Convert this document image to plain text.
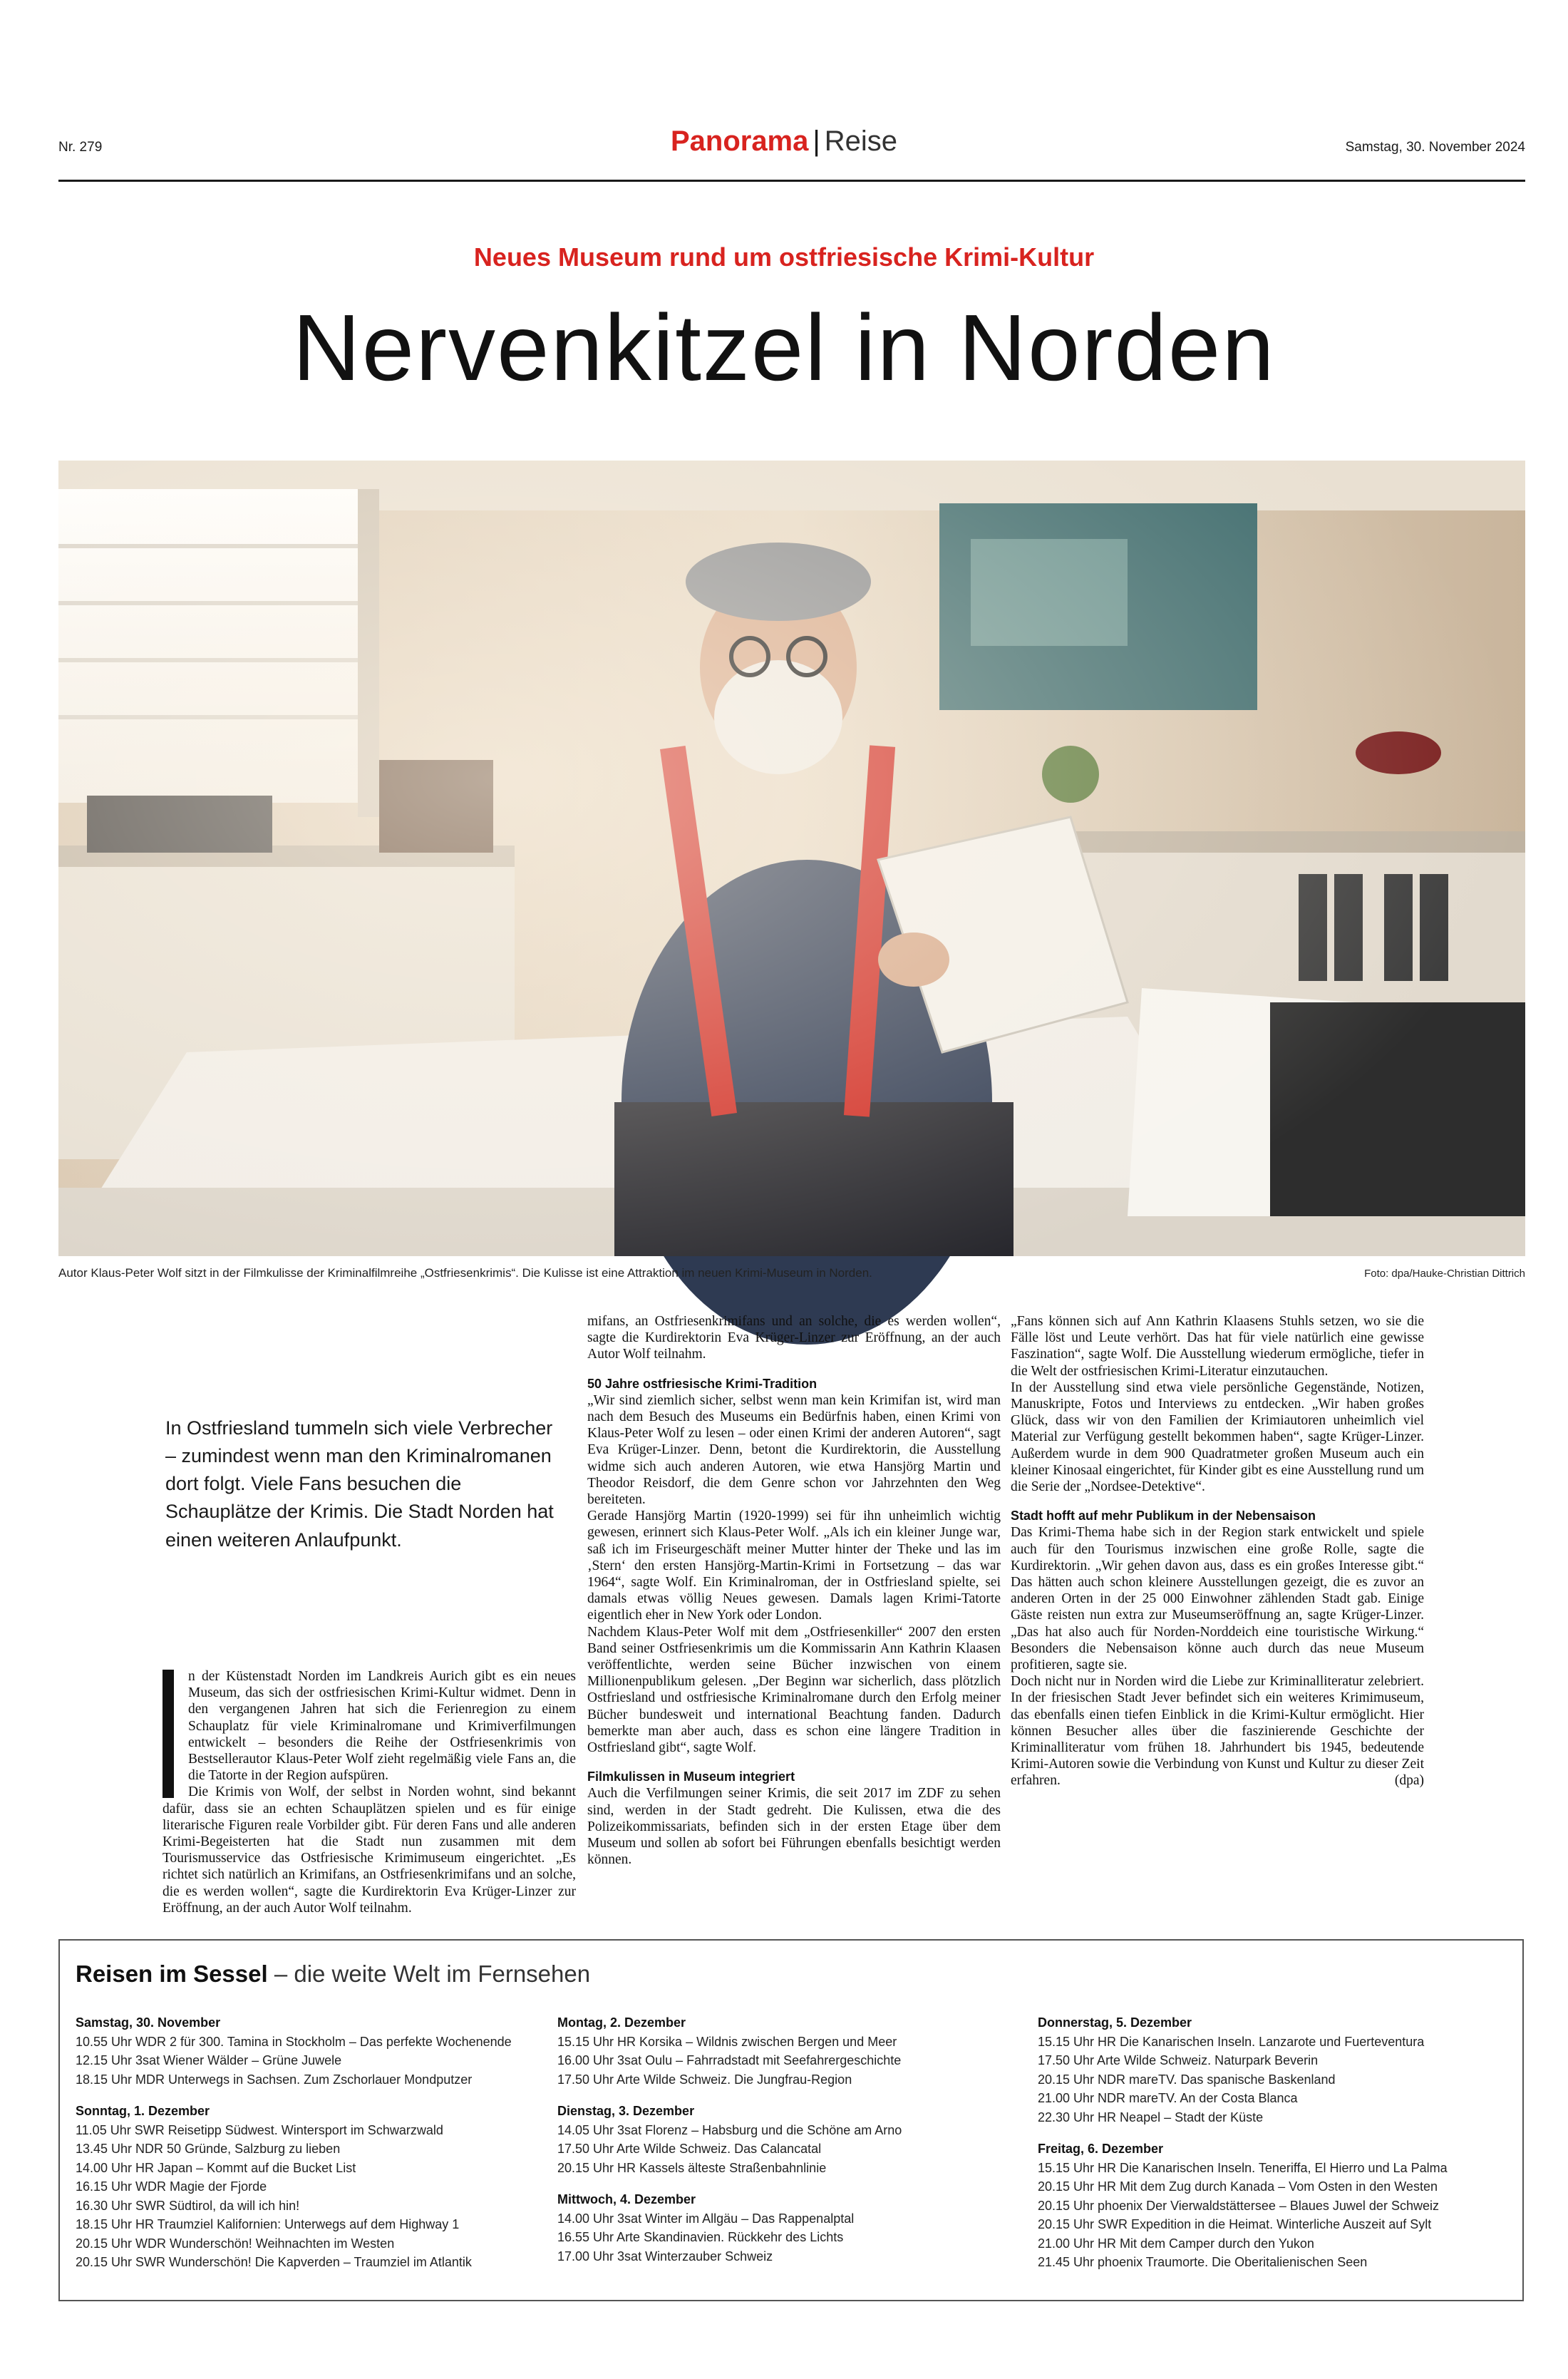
Nr. 279	Panorama | Reise	Samstag, 30. November 2024
Neues Museum rund um ostfriesische Krimi-Kultur
Nervenkitzel in Norden
Autor Klaus-Peter Wolf sitzt in der Filmkulisse der Kriminalfilmreihe „Ostfriesenkrimis“. Die Kulisse ist eine Attraktion im neuen Krimi-Museum in Norden.	Foto: dpa/Hauke-Christian Dittrich
In Ostfriesland tummeln sich viele Verbrecher – zumindest wenn man den Kriminalromanen dort folgt. Viele Fans besuchen die Schauplätze der Krimis. Die Stadt Norden hat einen weiteren Anlaufpunkt.

n der Küstenstadt Norden im Landkreis Aurich gibt es ein neues Museum, das sich der ostfriesischen Krimi-Kultur widmet. Denn in den vergangenen Jahren hat sich die Ferienregion zu einem Schauplatz für viele Kriminalromane und Krimiverfilmungen entwickelt – besonders die Reihe der Ostfriesenkrimis von Bestsellerautor Klaus-Peter Wolf zieht regelmäßig viele Fans an, die die Tatorte in der Region aufspüren.

Die Krimis von Wolf, der selbst in Norden wohnt, sind bekannt dafür, dass sie an echten Schauplätzen spielen und es für einige literarische Figuren reale Vorbilder gibt. Für deren Fans und alle anderen Krimi-Begeisterten hat die Stadt nun zusammen mit dem Tourismusservice das Ostfriesische Krimimuseum eingerichtet. „Es richtet sich natürlich an Krimifans, an Ostfriesenkrimifans und an solche, die es werden wollen“, sagte die Kurdirektorin Eva Krüger-Linzer zur Eröffnung, an der auch Autor Wolf teilnahm.

mifans, an Ostfriesenkrimifans und an solche, die es werden wollen“, sagte die Kurdirektorin Eva Krüger-Linzer zur Eröffnung, an der auch Autor Wolf teilnahm.

50 Jahre ostfriesische Krimi-Tradition

„Wir sind ziemlich sicher, selbst wenn man kein Krimifan ist, wird man nach dem Besuch des Museums ein Bedürfnis haben, einen Krimi von Klaus-Peter Wolf zu lesen – oder einen Krimi der anderen Autoren“, sagt Eva Krüger-Linzer. Denn, betont die Kurdirektorin, die Ausstellung widme sich auch anderen Autoren, wie etwa Hansjörg Martin und Theodor Reisdorf, die dem Genre schon vor Jahrzehnten den Weg bereiteten.

Gerade Hansjörg Martin (1920-1999) sei für ihn unheimlich wichtig gewesen, erinnert sich Klaus-Peter Wolf. „Als ich ein kleiner Junge war, saß ich im Friseurgeschäft meiner Mutter hinter der Theke und las im ‚Stern‘ den ersten Hansjörg-Martin-Krimi in Fortsetzung – das war 1964“, sagte Wolf. Ein Kriminalroman, der in Ostfriesland spielte, sei damals etwas völlig Neues gewesen. Damals lagen Krimi-Tatorte eigentlich eher in New York oder London.

Nachdem Klaus-Peter Wolf mit dem „Ostfriesenkiller“ 2007 den ersten Band seiner Ostfriesenkrimis um die Kommissarin Ann Kathrin Klaasen veröffentlichte, werden seine Bücher inzwischen von einem Millionenpublikum gelesen. „Der Beginn war sicherlich, dass plötzlich Ostfriesland und ostfriesische Kriminalromane durch den Erfolg meiner Bücher bundesweit und international Beachtung fanden. Dadurch bemerkte man aber auch, dass es schon eine längere Tradition in Ostfriesland gibt“, sagte Wolf.

Filmkulissen in Museum integriert

Auch die Verfilmungen seiner Krimis, die seit 2017 im ZDF zu sehen sind, werden in der Stadt gedreht. Die Kulissen, etwa die des Polizeikommissariats, befinden sich in der ersten Etage über dem Museum und sollen ab sofort bei Führungen ebenfalls besichtigt werden können.

„Fans können sich auf Ann Kathrin Klaasens Stuhls setzen, wo sie die Fälle löst und Leute verhört. Das hat für viele natürlich eine gewisse Faszination“, sagte Wolf. Die Ausstellung wiederum ermögliche, tiefer in die Welt der ostfriesischen Krimi-Literatur einzutauchen.

In der Ausstellung sind etwa viele persönliche Gegenstände, Notizen, Manuskripte, Fotos und Interviews zu entdecken. „Wir haben großes Glück, dass wir von den Familien der Krimiautoren unheimlich viel Material zur Verfügung gestellt bekommen haben“, sagte Krüger-Linzer. Außerdem wurde in dem 900 Quadratmeter großen Museum auch ein kleiner Kinosaal eingerichtet, für Kinder gibt es eine Ausstellung rund um die Serie der „Nordsee-Detektive“.

Stadt hofft auf mehr Publikum in der Nebensaison

Das Krimi-Thema habe sich in der Region stark entwickelt und spiele auch für den Tourismus inzwischen eine große Rolle, sagte die Kurdirektorin. „Wir gehen davon aus, dass es ein großes Interesse gibt.“ Das hätten auch schon kleinere Ausstellungen gezeigt, die es zuvor an anderen Orten in der 25 000 Einwohner zählenden Stadt gab. Einige Gäste reisten nun extra zur Museumseröffnung an, sagte Krüger-Linzer. „Das hat also auch für Norden-Norddeich eine touristische Wirkung.“ Besonders die Nebensaison könne auch durch das neue Museum profitieren, sagte sie.

Doch nicht nur in Norden wird die Liebe zur Kriminalliteratur zelebriert. In der friesischen Stadt Jever befindet sich ein weiteres Krimimuseum, das ebenfalls einen tiefen Einblick in die Krimi-Kultur ermöglicht. Hier können Besucher alles über die faszinierende Geschichte der Kriminalliteratur vom frühen 18. Jahrhundert bis 1945, bedeutende Krimi-Autoren sowie die Verbindung von Kunst und Kultur zu dieser Zeit erfahren.	(dpa)

Reisen im Sessel – die weite Welt im Fernsehen
Samstag, 30. November
10.55 Uhr WDR 2 für 300. Tamina in Stockholm – Das perfekte Wochenende
12.15 Uhr 3sat Wiener Wälder – Grüne Juwele
18.15 Uhr MDR Unterwegs in Sachsen. Zum Zschorlauer Mondputzer
Sonntag, 1. Dezember
11.05 Uhr SWR Reisetipp Südwest. Wintersport im Schwarzwald
13.45 Uhr NDR 50 Gründe, Salzburg zu lieben
14.00 Uhr HR Japan – Kommt auf die Bucket List
16.15 Uhr WDR Magie der Fjorde
16.30 Uhr SWR Südtirol, da will ich hin!
18.15 Uhr HR Traumziel Kalifornien: Unterwegs auf dem Highway 1
20.15 Uhr WDR Wunderschön! Weihnachten im Westen
20.15 Uhr SWR Wunderschön! Die Kapverden – Traumziel im Atlantik
Montag, 2. Dezember
15.15 Uhr HR Korsika – Wildnis zwischen Bergen und Meer
16.00 Uhr 3sat Oulu – Fahrradstadt mit Seefahrergeschichte
17.50 Uhr Arte Wilde Schweiz. Die Jungfrau-Region
Dienstag, 3. Dezember
14.05 Uhr 3sat Florenz – Habsburg und die Schöne am Arno
17.50 Uhr Arte Wilde Schweiz. Das Calancatal
20.15 Uhr HR Kassels älteste Straßenbahnlinie
Mittwoch, 4. Dezember
14.00 Uhr 3sat Winter im Allgäu – Das Rappenalptal
16.55 Uhr Arte Skandinavien. Rückkehr des Lichts
17.00 Uhr 3sat Winterzauber Schweiz
Donnerstag, 5. Dezember
15.15 Uhr HR Die Kanarischen Inseln. Lanzarote und Fuerteventura
17.50 Uhr Arte Wilde Schweiz. Naturpark Beverin
20.15 Uhr NDR mareTV. Das spanische Baskenland
21.00 Uhr NDR mareTV. An der Costa Blanca
22.30 Uhr HR Neapel – Stadt der Küste
Freitag, 6. Dezember
15.15 Uhr HR Die Kanarischen Inseln. Teneriffa, El Hierro und La Palma
20.15 Uhr HR Mit dem Zug durch Kanada – Vom Osten in den Westen
20.15 Uhr phoenix Der Vierwaldstättersee – Blaues Juwel der Schweiz
20.15 Uhr SWR Expedition in die Heimat. Winterliche Auszeit auf Sylt
21.00 Uhr HR Mit dem Camper durch den Yukon
21.45 Uhr phoenix Traumorte. Die Oberitalienischen Seen
